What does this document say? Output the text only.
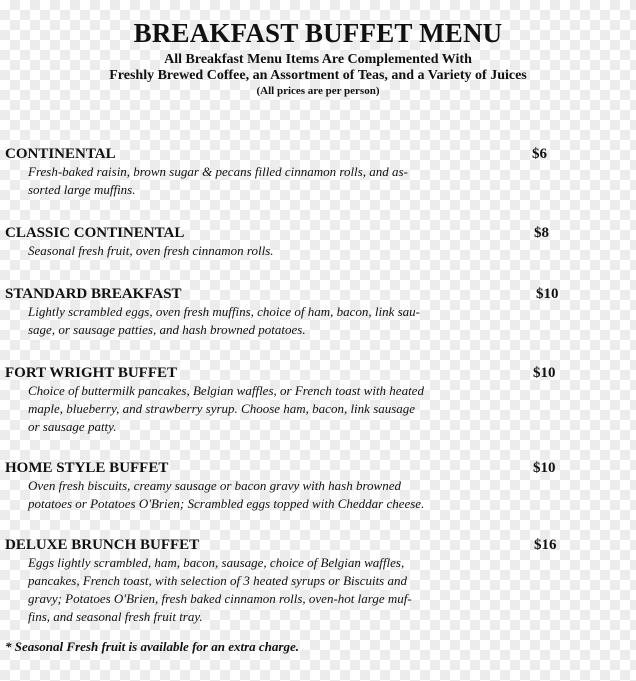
BREAKFAST BUFFET MENU
All Breakfast Menu Items Are Complemented With
Freshly Brewed Coffee, an Assortment of Teas, and a Variety of Juices
(All prices are per person)
CONTINENTAL	$6
Fresh-baked raisin, brown sugar & pecans filled cinnamon rolls, and as-
sorted large muffins.
CLASSIC CONTINENTAL	$8
Seasonal fresh fruit, oven fresh cinnamon rolls.
STANDARD BREAKFAST	$10
Lightly scrambled eggs, oven fresh muffins, choice of ham, bacon, link sau-
sage, or sausage patties, and hash browned potatoes.
FORT WRIGHT BUFFET	$10
Choice of buttermilk pancakes, Belgian waffles, or French toast with heated
maple, blueberry, and strawberry syrup. Choose ham, bacon, link sausage
or sausage patty.
HOME STYLE BUFFET	$10
Oven fresh biscuits, creamy sausage or bacon gravy with hash browned
potatoes or Potatoes O'Brien; Scrambled eggs topped with Cheddar cheese.
DELUXE BRUNCH BUFFET	$16
Eggs lightly scrambled, ham, bacon, sausage, choice of Belgian waffles,
pancakes, French toast, with selection of 3 heated syrups or Biscuits and
gravy; Potatoes O'Brien, fresh baked cinnamon rolls, oven-hot large muf-
fins, and seasonal fresh fruit tray.
* Seasonal Fresh fruit is available for an extra charge.
